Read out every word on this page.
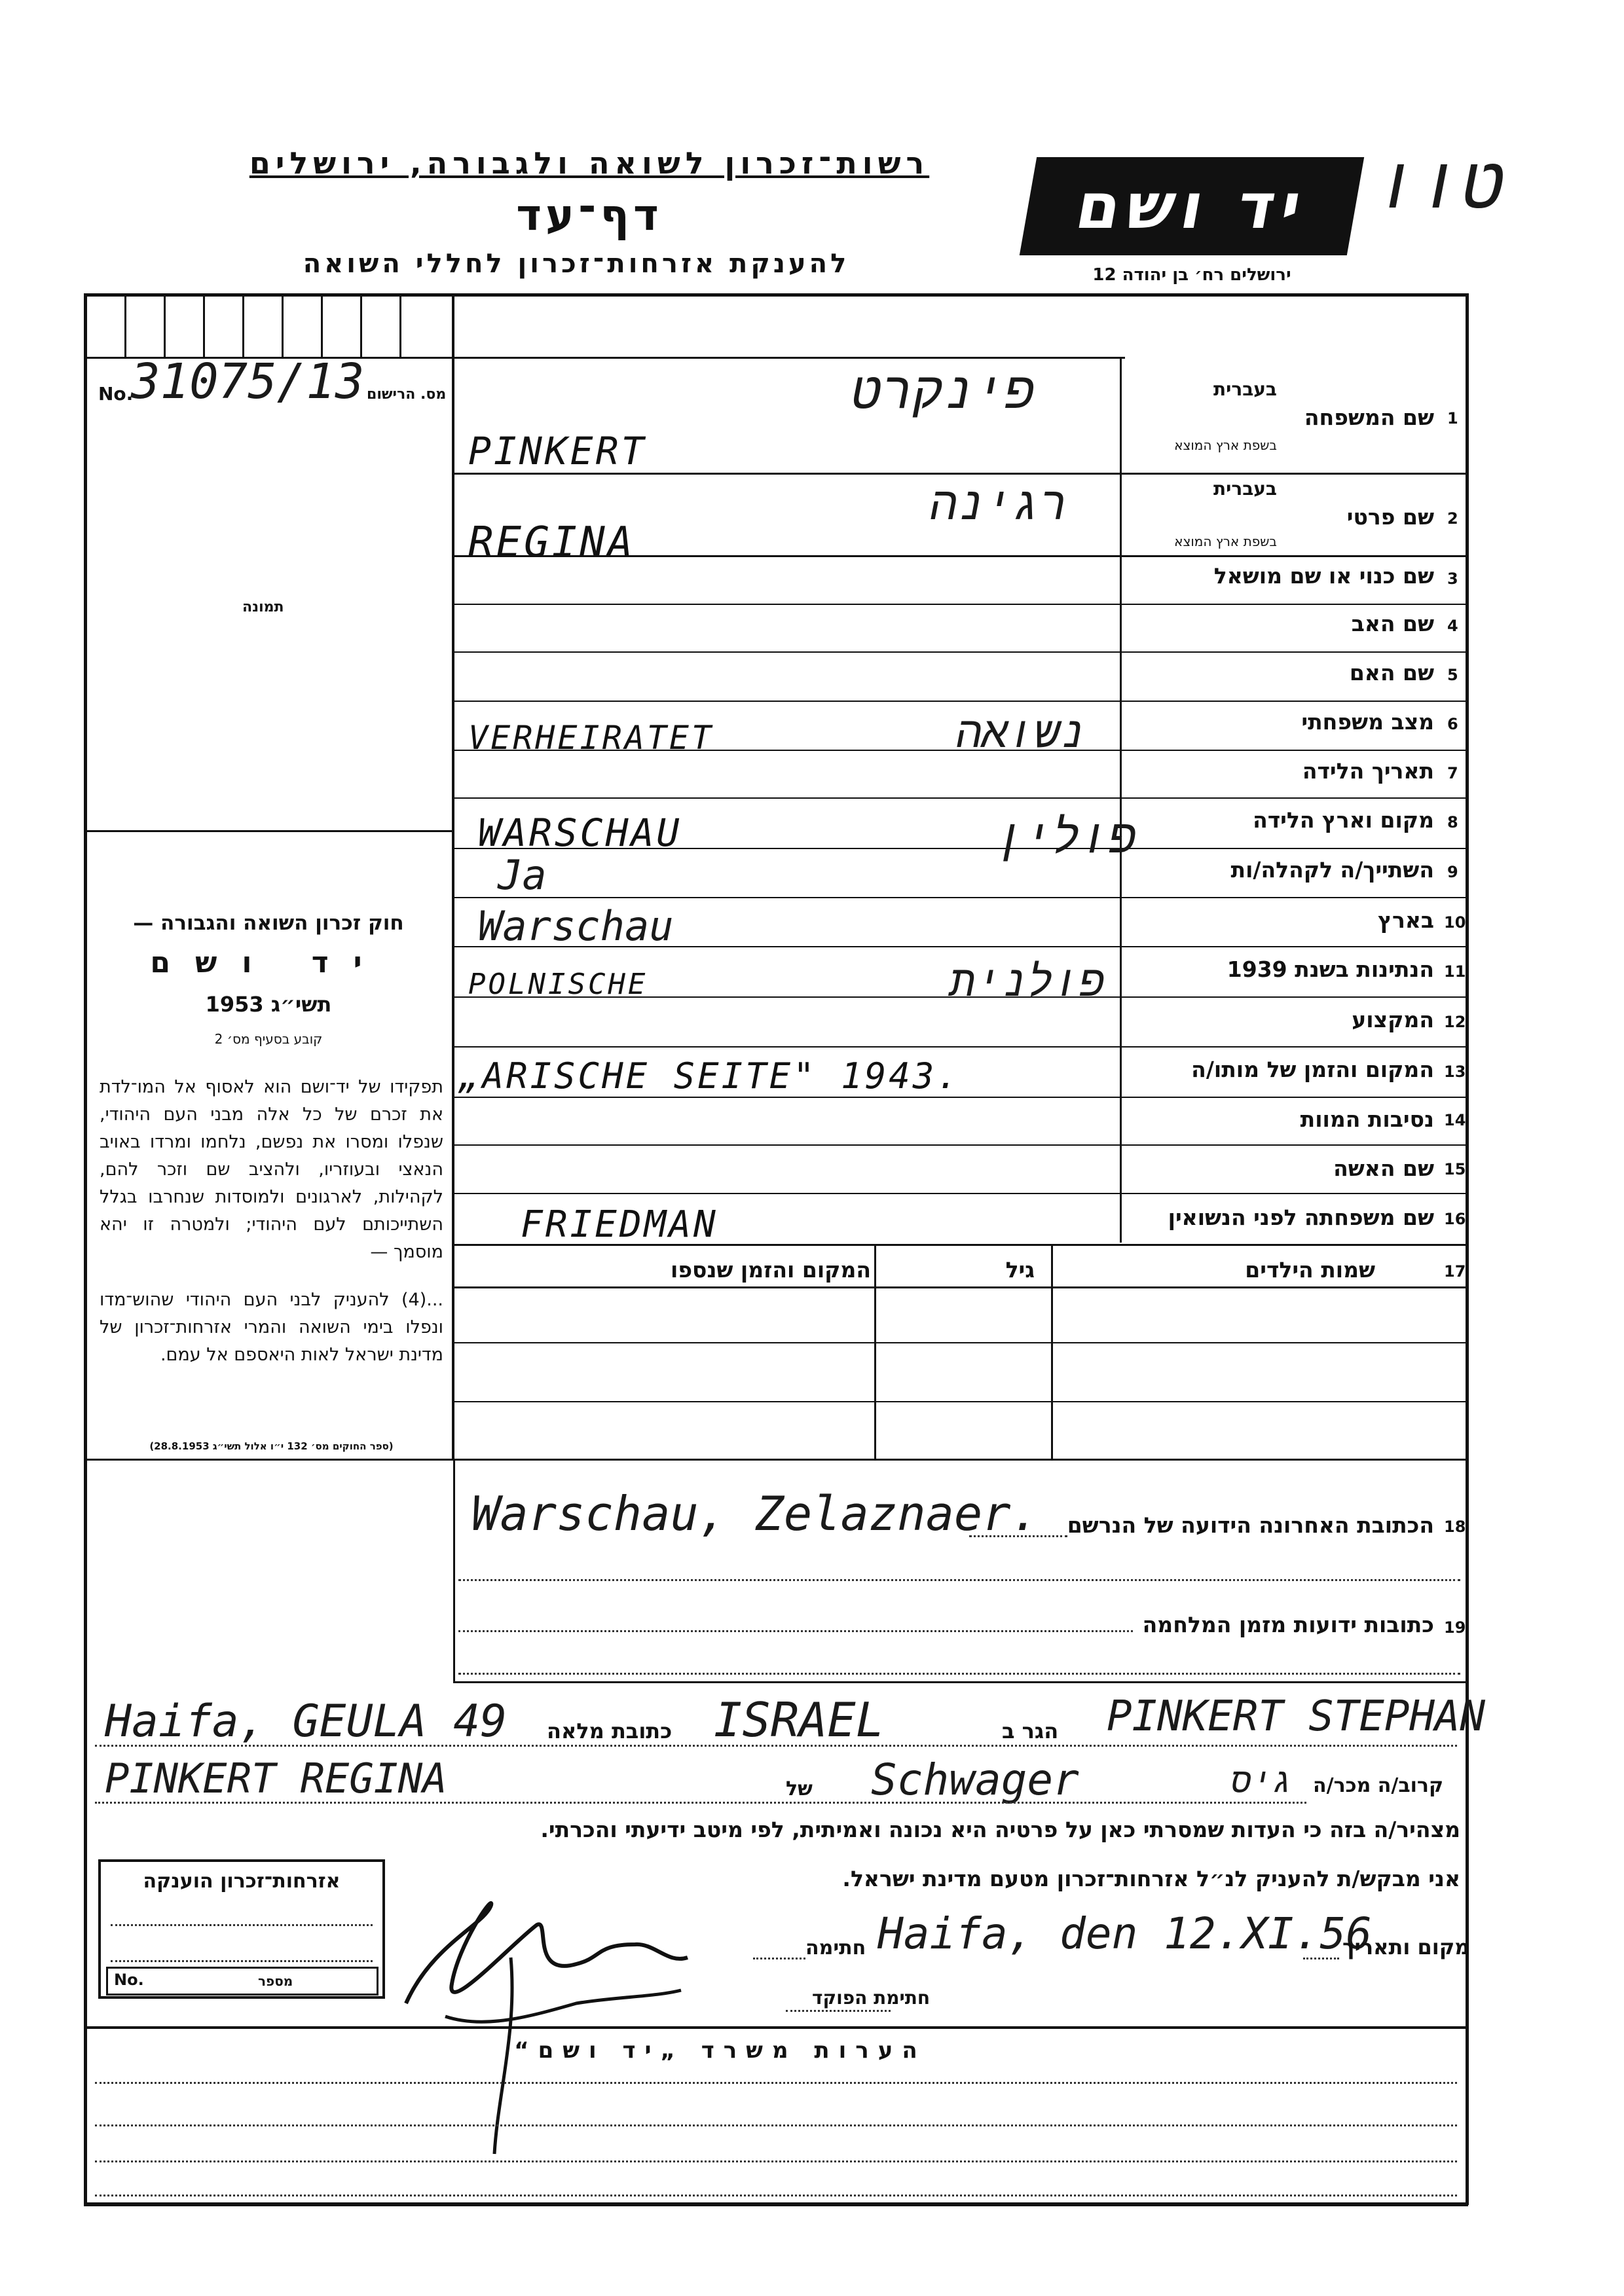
רשות־זכרון לשואה ולגבורה, ירושלים
דף־עד
להענקת אזרחות־זכרון לחללי השואה
יד ושם
ירושלים רח׳ בן יהודה 12
טוו
No.
31075/13 מס. הרישום
תמונה
חוק זכרון השואה והגבורה —
יד ושם
תשי״ג 1953
קובע בסעיף מס׳ 2
תפקידו של יד־ושם הוא לאסוף אל המו־לדת את זכרם של כל אלה מבני העם היהודי, שנפלו ומסרו את נפשם, נלחמו ומרדו באויב הנאצי ובעוזריו, ולהציב שם וזכר להם, לקהילות, לארגונים ולמוסדות שנחרבו בגלל השתייכותם לעם היהודי; ולמטרה זו יהא מוסמך —
...(4) להעניק לבני העם היהודי שהוש־מדו ונפלו בימי השואה והמרי אזרחות־זכרון של מדינת ישראל לאות היאספם אל עמם.
(ספר החוקים מס׳ 132 י״ו אלול תשי״ג 28.8.1953)
1
שם המשפחה
בעברית
בשפת ארץ המוצא
פינקרט
PINKERT
2
שם פרטי
בעברית
בשפת ארץ המוצא
רגינה
REGINA
3
שם כנוי או שם מושאל
4
שם האב
5
שם האם
6
מצב משפחתי
VERHEIRATET	נשואה
7
תאריך הלידה
8
מקום וארץ הלידה
WARSCHAU	פולין
9
השתייך/ה לקהלה/ות
Ja
10
בארץ
Warschau
11
הנתינות בשנת 1939
POLNISCHE	פולנית
12
המקצוע
13
המקום והזמן של מותו/ה
„ARISCHE SEITE" 1943.
14
נסיבות המוות
15
שם האשה
16
שם משפחתה לפני הנשואין
FRIEDMAN
17
שמות הילדים
גיל
המקום והזמן שנספו
18
הכתובת האחרונה הידועה של הנרשם
Warschau, Zelaznaer.
19
כתובות ידועות מזמן המלחמה
Haifa, GEULA 49 כתובת מלאה ISRAEL	הגר ב PINKERT STEPHAN
PINKERT REGINA	של Schwager	גיס קרוב/ה מכר/ה
מצהיר/ה בזה כי העדות שמסרתי כאן על פרטיה היא נכונה ואמיתית, לפי מיטב ידיעתי והכרתי.
אני מבקש/ת להעניק לנ״ל אזרחות־זכרון מטעם מדינת ישראל.
אזרחות־זכרון הוענקה
No.	מספר
חתימה Haifa, den 12.XI.56
מקום ותאריך
חתימת הפוקד
הערות משרד „יד ושם“
